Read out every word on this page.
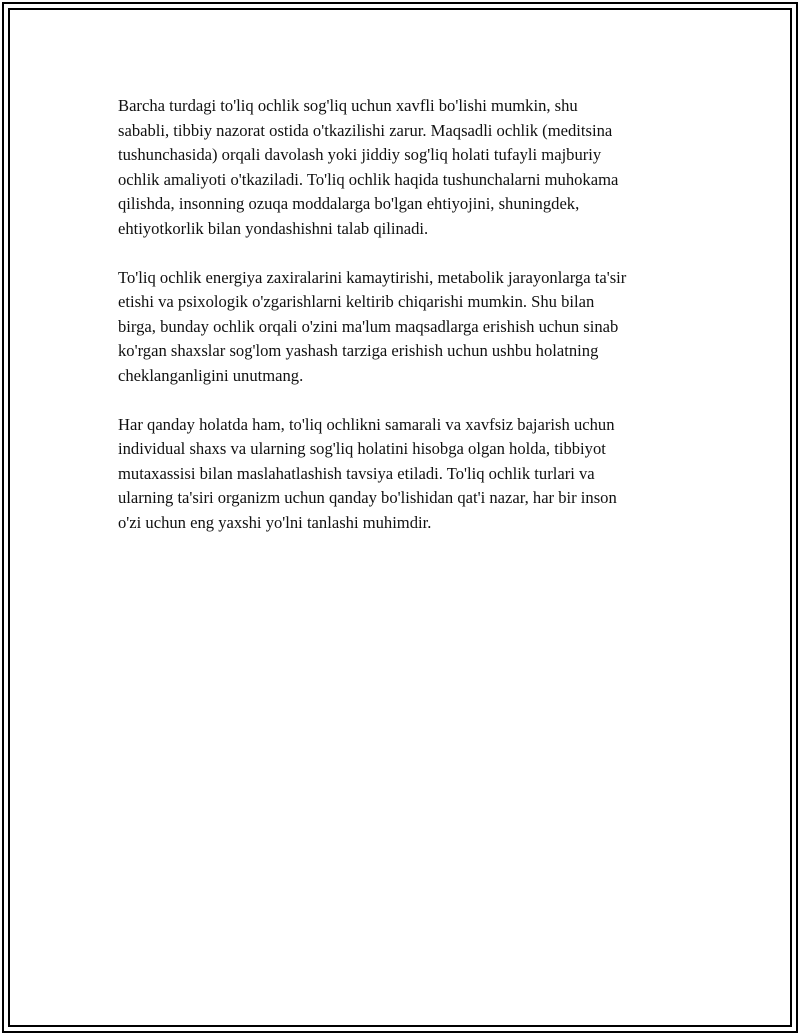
Barcha turdagi to'liq ochlik sog'liq uchun xavfli bo'lishi mumkin, shu
sababli, tibbiy nazorat ostida o'tkazilishi zarur. Maqsadli ochlik (meditsina
tushunchasida) orqali davolash yoki jiddiy sog'liq holati tufayli majburiy
ochlik amaliyoti o'tkaziladi. To'liq ochlik haqida tushunchalarni muhokama
qilishda, insonning ozuqa moddalarga bo'lgan ehtiyojini, shuningdek,
ehtiyotkorlik bilan yondashishni talab qilinadi.

To'liq ochlik energiya zaxiralarini kamaytirishi, metabolik jarayonlarga ta'sir
etishi va psixologik o'zgarishlarni keltirib chiqarishi mumkin. Shu bilan
birga, bunday ochlik orqali o'zini ma'lum maqsadlarga erishish uchun sinab
ko'rgan shaxslar sog'lom yashash tarziga erishish uchun ushbu holatning
cheklanganligini unutmang.

Har qanday holatda ham, to'liq ochlikni samarali va xavfsiz bajarish uchun
individual shaxs va ularning sog'liq holatini hisobga olgan holda, tibbiyot
mutaxassisi bilan maslahatlashish tavsiya etiladi. To'liq ochlik turlari va
ularning ta'siri organizm uchun qanday bo'lishidan qat'i nazar, har bir inson
o'zi uchun eng yaxshi yo'lni tanlashi muhimdir.
